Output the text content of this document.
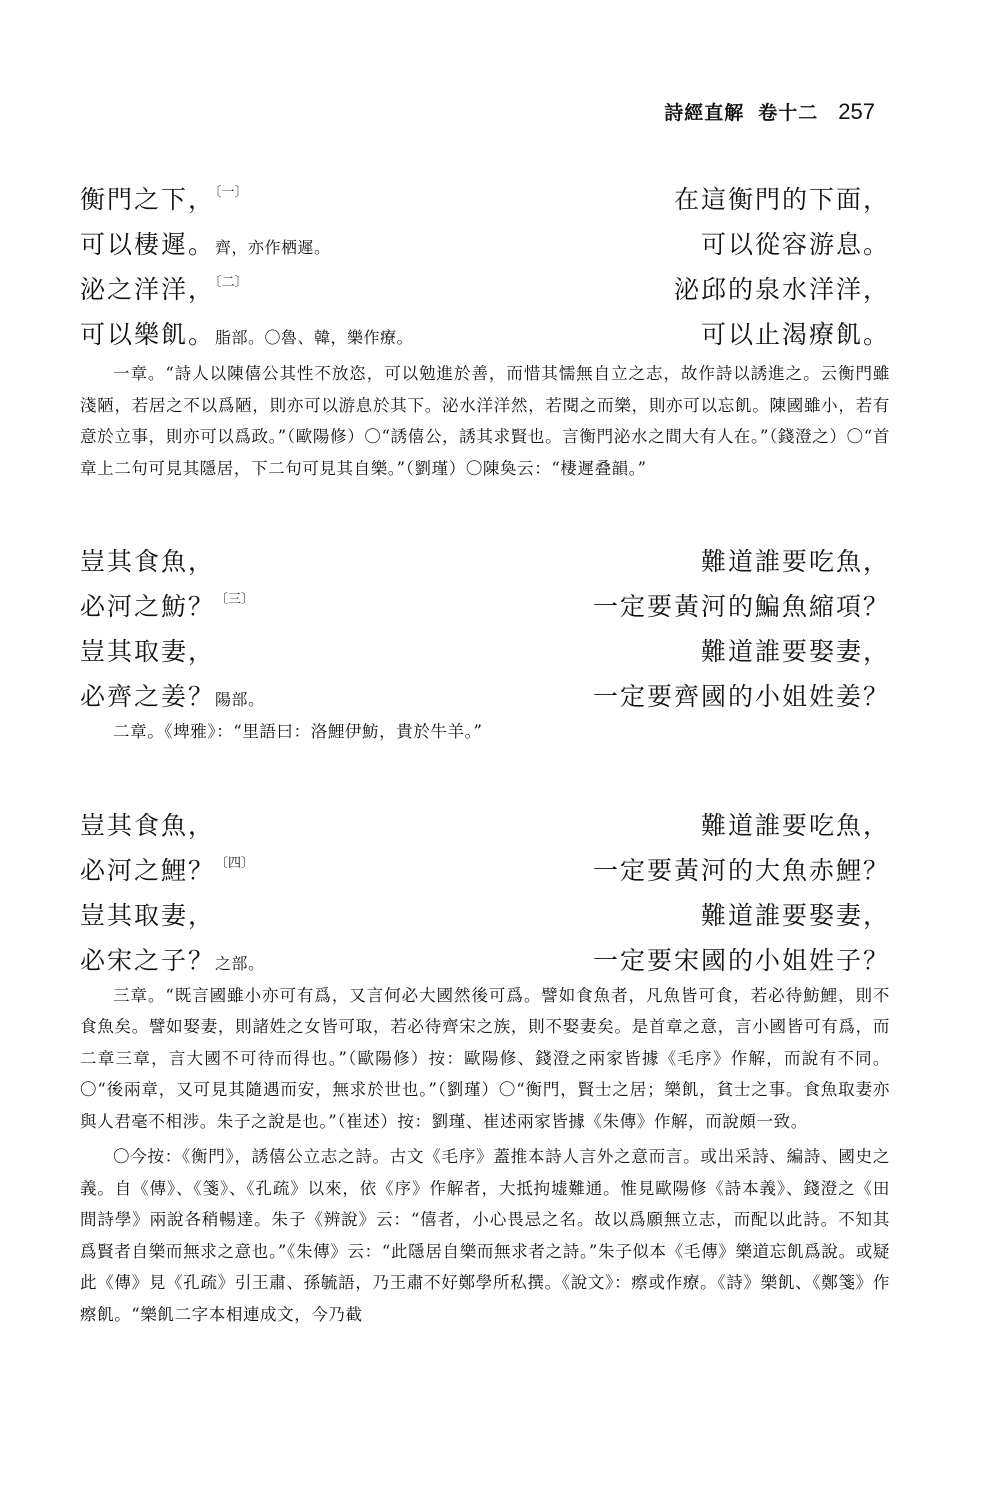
詩經直解 卷十二 257
衡門之下，$^{〔一〕}$	在這衡門的下面，
可以棲遲。齊，亦作栖遲。	可以從容游息。
泌之洋洋，$^{〔二〕}$	泌邱的泉水洋洋，
可以樂飢。脂部。〇魯、韓，樂作療。	可以止渴療飢。

一章。“詩人以陳僖公其性不放恣，可以勉進於善，而惜其懦無自立之志，故作詩以誘進之。云衡門雖淺陋，若居之不以爲陋，則亦可以游息於其下。泌水洋洋然，若閱之而樂，則亦可以忘飢。陳國雖小，若有意於立事，則亦可以爲政。”（歐陽修）〇“誘僖公，誘其求賢也。言衡門泌水之間大有人在。”（錢澄之）〇“首章上二句可見其隱居，下二句可見其自樂。”（劉瑾）〇陳奐云：“棲遲叠韻。”

豈其食魚，	難道誰要吃魚，
必河之魴？$^{〔三〕}$	一定要黃河的鯿魚縮項？
豈其取妻，	難道誰要娶妻，
必齊之姜？陽部。	一定要齊國的小姐姓姜？

二章。《埤雅》：“里語曰：洛鯉伊魴，貴於牛羊。”

豈其食魚，	難道誰要吃魚，
必河之鯉？$^{〔四〕}$	一定要黃河的大魚赤鯉？
豈其取妻，	難道誰要娶妻，
必宋之子？之部。	一定要宋國的小姐姓子？

三章。“既言國雖小亦可有爲，又言何必大國然後可爲。譬如食魚者，凡魚皆可食，若必待魴鯉，則不食魚矣。譬如娶妻，則諸姓之女皆可取，若必待齊宋之族，則不娶妻矣。是首章之意，言小國皆可有爲，而二章三章，言大國不可待而得也。”（歐陽修）按：歐陽修、錢澄之兩家皆據《毛序》作解，而說有不同。〇“後兩章，又可見其隨遇而安，無求於世也。”（劉瑾）〇“衡門，賢士之居；樂飢，貧士之事。食魚取妻亦與人君毫不相涉。朱子之說是也。”（崔述）按：劉瑾、崔述兩家皆據《朱傳》作解，而說頗一致。

〇今按：《衡門》，誘僖公立志之詩。古文《毛序》蓋推本詩人言外之意而言。或出采詩、編詩、國史之義。自《傳》、《箋》、《孔疏》以來，依《序》作解者，大抵拘墟難通。惟見歐陽修《詩本義》、錢澄之《田間詩學》兩說各稍暢達。朱子《辨說》云：“僖者，小心畏忌之名。故以爲願無立志，而配以此詩。不知其爲賢者自樂而無求之意也。”《朱傳》云：“此隱居自樂而無求者之詩。”朱子似本《毛傳》樂道忘飢爲說。或疑此《傳》見《孔疏》引王肅、孫毓語，乃王肅不好鄭學所私撰。《說文》：瘵或作療。《詩》樂飢、《鄭箋》作瘵飢。“樂飢二字本相連成文，今乃截
